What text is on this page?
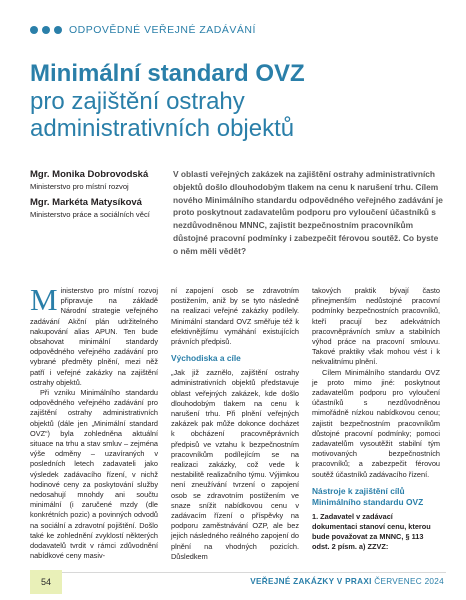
ODPOVĚDNÉ VEŘEJNÉ ZADÁVÁNÍ
Minimální standard OVZ
pro zajištění ostrahy
administrativních objektů
Mgr. Monika Dobrovodská
Ministerstvo pro místní rozvoj
Mgr. Markéta Matysíková
Ministerstvo práce a sociálních věcí

V oblasti veřejných zakázek na zajištění ostrahy administrativních objektů došlo dlouhodobým tlakem na cenu k narušení trhu. Cílem nového Minimálního standardu odpovědného veřejného zadávání je proto poskytnout zadavatelům podporu pro vyloučení účastníků s nezdůvodněnou MNNC, zajistit bezpečnostním pracovníkům důstojné pracovní podmínky i zabezpečit férovou soutěž. Co byste o něm měli vědět?

Ministerstvo pro místní rozvoj připravuje na základě Národní strategie veřejného zadávání Akční plán udržitelného nakupování alias APUN. Ten bude obsahovat minimální standardy odpovědného veřejného zadávání pro vybrané předměty plnění, mezi něž patří i veřejné zakázky na zajištění ostrahy objektů.

Při vzniku Minimálního standardu odpovědného veřejného zadávání pro zajištění ostrahy administrativních objektů (dále jen „Minimální standard OVZ“) byla zohledněna aktuální situace na trhu a stav smluv – zejména výše odměny – uzavíraných v posledních letech zadavateli jako výsledek zadávacího řízení, v nichž hodinové ceny za poskytování služby nedosahují mnohdy ani součtu minimální (i zaručené mzdy (dle konkrétních pozic) a povinných odvodů na sociální a zdravotní pojištění. Došlo také ke zohlednění zvyklostí některých dodavatelů tvrdit v rámci zdůvodnění nabídkové ceny masiv-

ní zapojení osob se zdravotním postižením, aniž by se tyto následně na realizaci veřejné zakázky podílely. Minimální standard OVZ směřuje též k efektivnějšímu vymáhání existujících právních předpisů.

Východiska a cíle

„Jak již zaznělo, zajištění ostrahy administrativních objektů představuje oblast veřejných zakázek, kde došlo dlouhodobým tlakem na cenu k narušení trhu. Při plnění veřejných zakázek pak může dokonce docházet k obcházení pracovněprávních předpisů ve vztahu k bezpečnostním pracovníkům podílejícím se na realizaci zakázky, což vede k nestabilitě realizačního týmu. Výjimkou není zneužívání tvrzení o zapojení osob se zdravotním postižením ve snaze snížit nabídkovou cenu v zadávacím řízení o příspěvky na podporu zaměstnávání OZP, ale bez jejich následného reálného zapojení do plnění na vhodných pozicích. Důsledkem

takových praktik bývají často přinejmenším nedůstojné pracovní podmínky bezpečnostních pracovníků, kteří pracují bez adekvátních pracovněprávních smluv a stabilních výhod práce na pracovní smlouvu. Takové praktiky však mohou vést i k nekvalitnímu plnění.

Cílem Minimálního standardu OVZ je proto mimo jiné: poskytnout zadavatelům podporu pro vyloučení účastníků s nezdůvodněnou mimořádně nízkou nabídkovou cenou; zajistit bezpečnostním pracovníkům důstojné pracovní podmínky; pomoci zadavatelům vysoutěžit stabilní tým motivovaných bezpečnostních pracovníků; a zabezpečit férovou soutěž účastníků zadávacího řízení.

Nástroje k zajištění cílů Minimálního standardu OVZ

1. Zadavatel v zadávací dokumentaci stanoví cenu, kterou bude považovat za MNNC, § 113 odst. 2 písm. a) ZZVZ:

54	VEŘEJNÉ ZAKÁZKY V PRAXI ČERVENEC 2024
